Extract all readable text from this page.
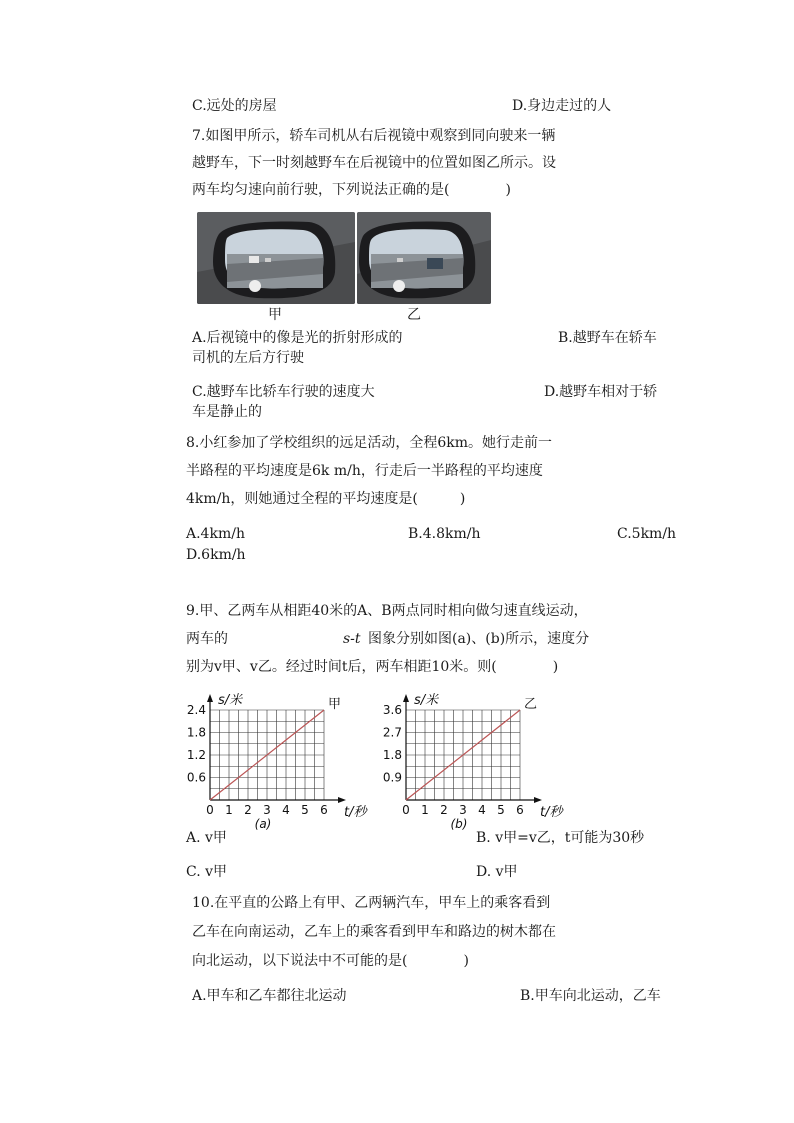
C.远处的房屋	D.身边走过的人
7.如图甲所示，轿车司机从右后视镜中观察到同向驶来一辆
越野车，下一时刻越野车在后视镜中的位置如图乙所示。设
两车均匀速向前行驶，下列说法正确的是(　　　　)
甲	乙
A.后视镜中的像是光的折射形成的	B.越野车在轿车
司机的左后方行驶
C.越野车比轿车行驶的速度大	D.越野车相对于轿
车是静止的
8.小红参加了学校组织的远足活动，全程6km。她行走前一
半路程的平均速度是6k m/h，行走后一半路程的平均速度
4km/h，则她通过全程的平均速度是(　　　)
A.4km/h	B.4.8km/h	C.5km/h
D.6km/h
9.甲、乙两车从相距40米的A、B两点同时相向做匀速直线运动，
两车的	s-t 图象分别如图(a)、(b)所示，速度分
别为v甲、v乙。经过时间t后，两车相距10米。则(　　　　)
0 1 2 3 4 5 6
0.6
1.2
1.8
2.4
s/米
t/秒
甲
(a)
0 1 2 3 4 5 6
0.9
1.8
2.7
3.6
s/米
t/秒
乙
(b)
A. v甲	B. v甲=v乙，t可能为30秒
C. v甲	D. v甲
10.在平直的公路上有甲、乙两辆汽车，甲车上的乘客看到
乙车在向南运动，乙车上的乘客看到甲车和路边的树木都在
向北运动，以下说法中不可能的是(　　　　)
A.甲车和乙车都往北运动	B.甲车向北运动，乙车
